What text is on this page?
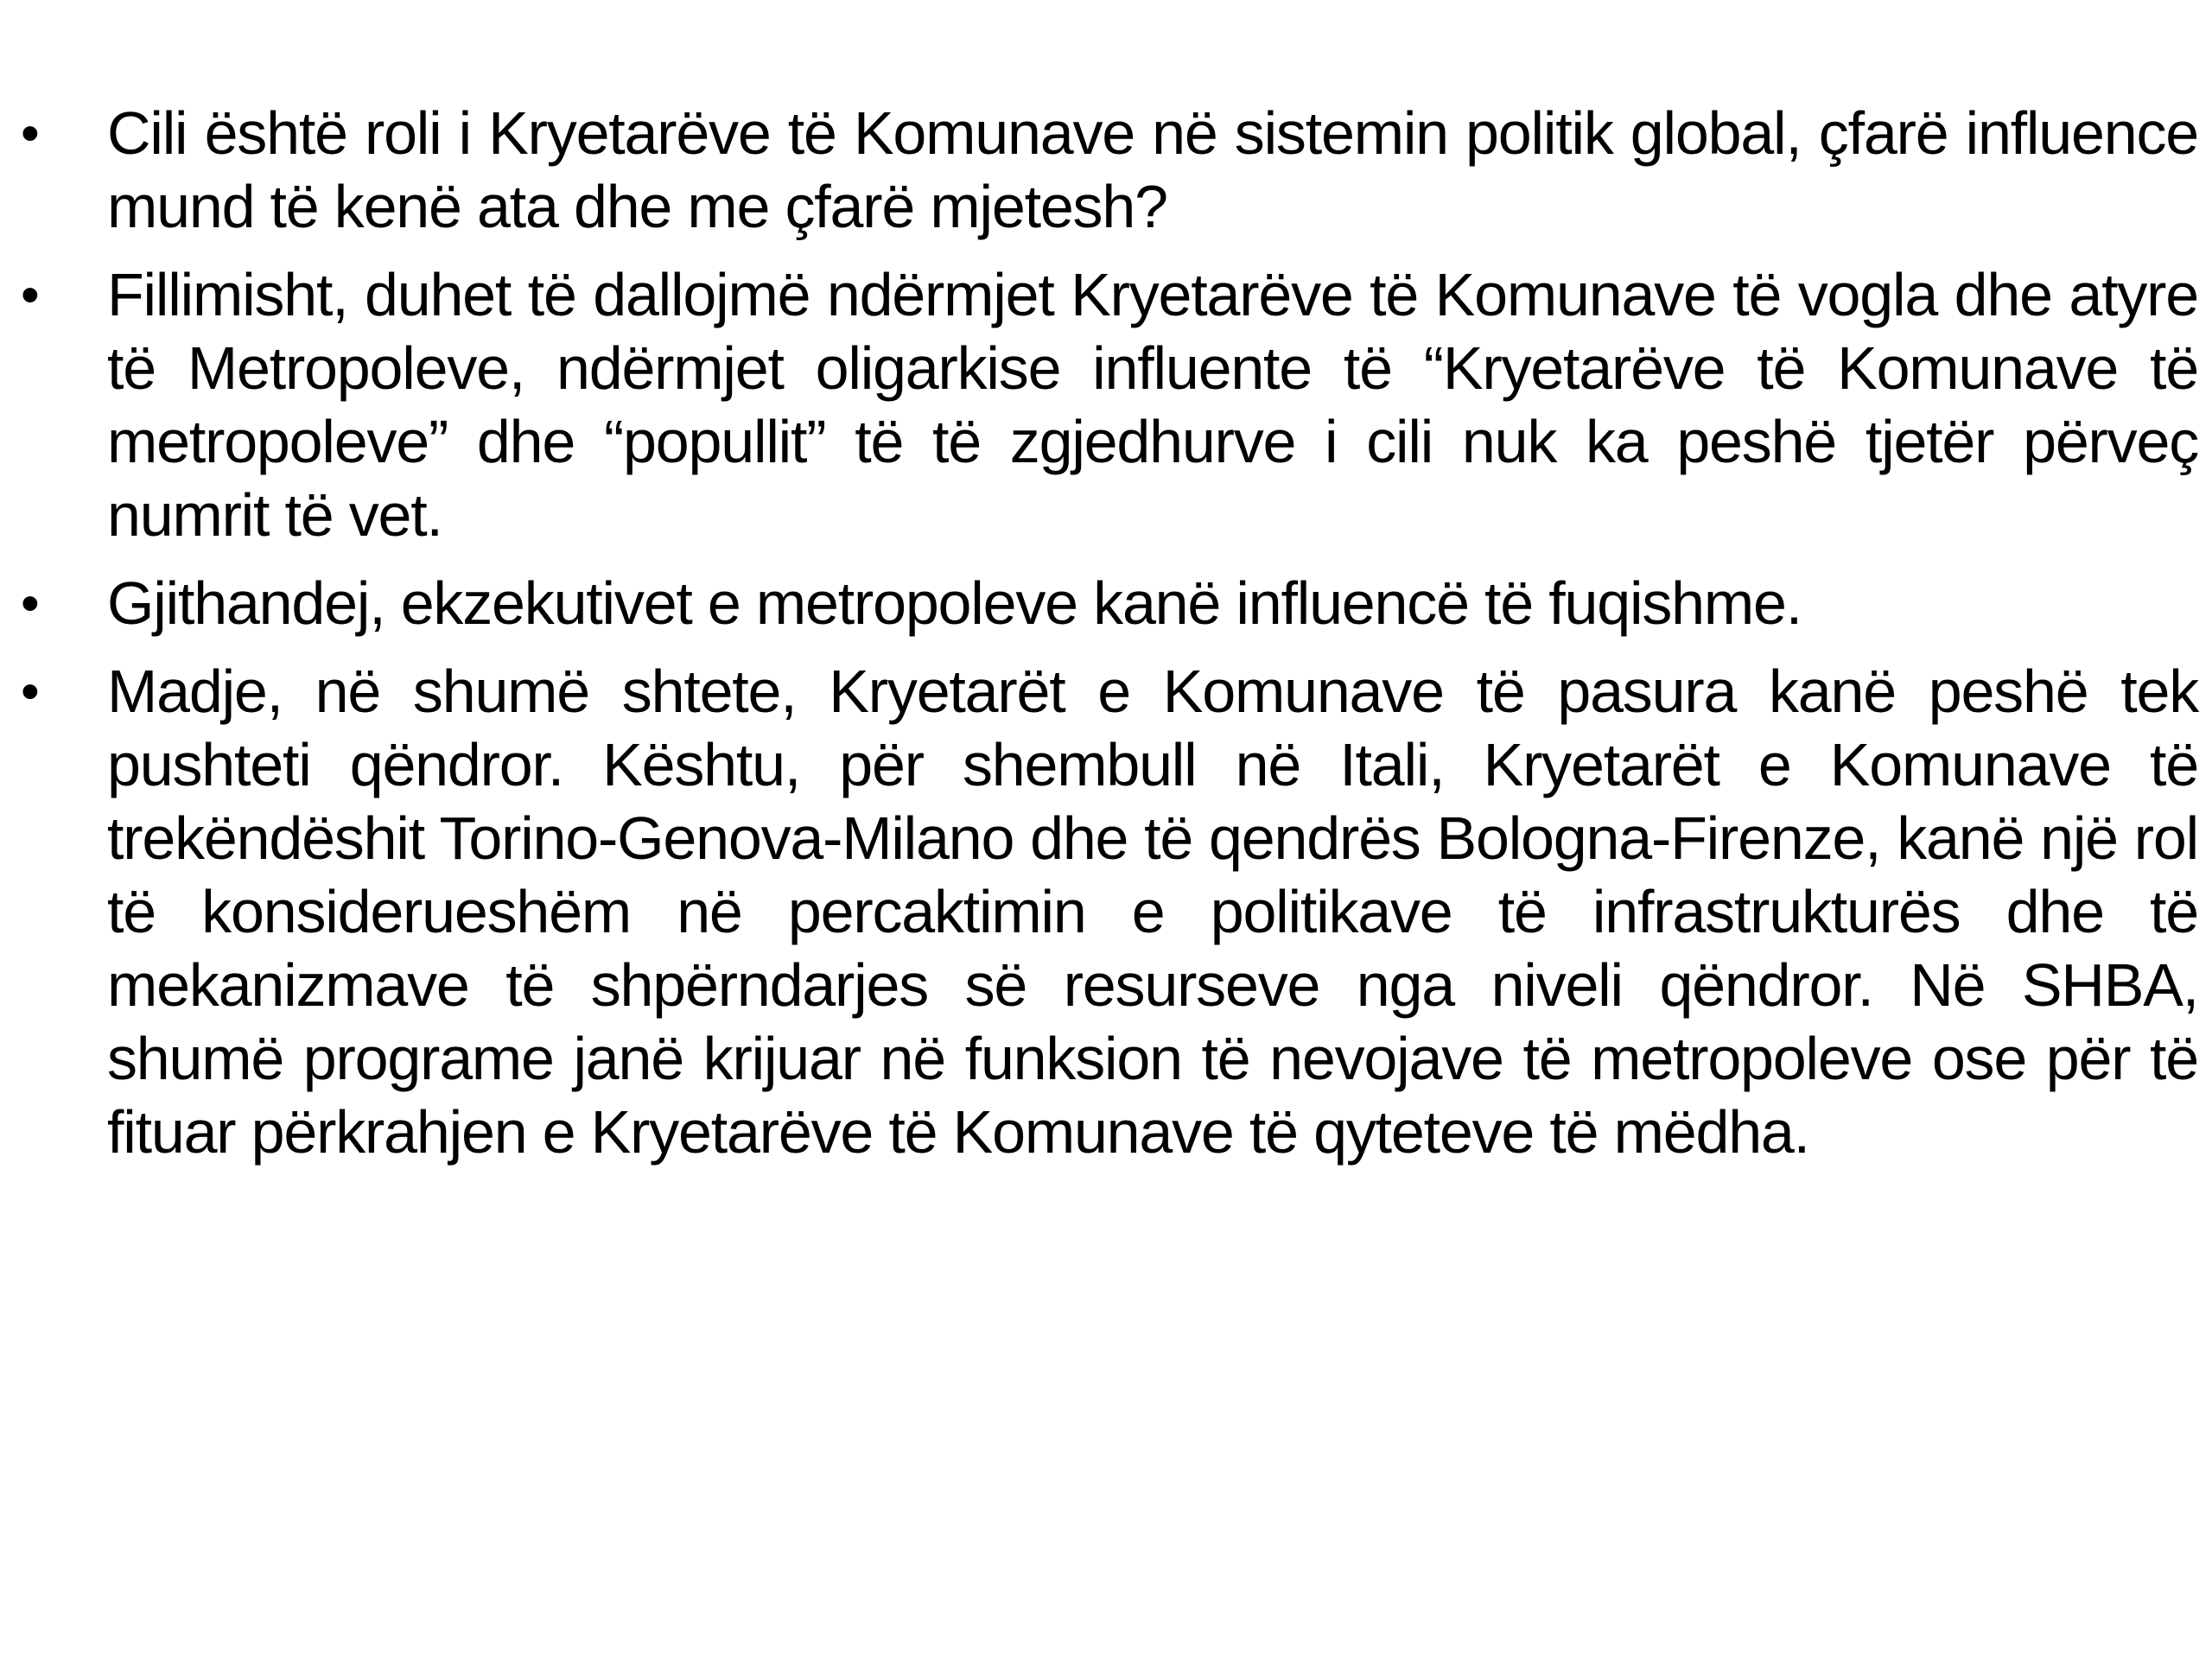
•	Cili është roli i Kryetarëve të Komunave në sistemin politik global, çfarë influence mund të kenë ata dhe me çfarë mjetesh?
•	Fillimisht, duhet të dallojmë ndërmjet Kryetarëve të Komunave të vogla dhe atyre të Metropoleve, ndërmjet oligarkise influente të “Kryetarëve të Komunave të metropoleve” dhe “popullit” të të zgjedhurve i cili nuk ka peshë tjetër përveç numrit të vet.
•	Gjithandej, ekzekutivet e metropoleve kanë influencë të fuqishme.
•	Madje, në shumë shtete, Kryetarët e Komunave të pasura kanë peshë tek pushteti qëndror. Kështu, për shembull në Itali, Kryetarët e Komunave të trekëndëshit Torino-Genova-Milano dhe të qendrës Bologna-Firenze, kanë një rol të konsiderueshëm në percaktimin e politikave të infrastrukturës dhe të mekanizmave të shpërndarjes së resurseve nga niveli qëndror. Në SHBA, shumë programe janë krijuar në funksion të nevojave të metropoleve ose për të fituar përkrahjen e Kryetarëve të Komunave të qyteteve të mëdha.
